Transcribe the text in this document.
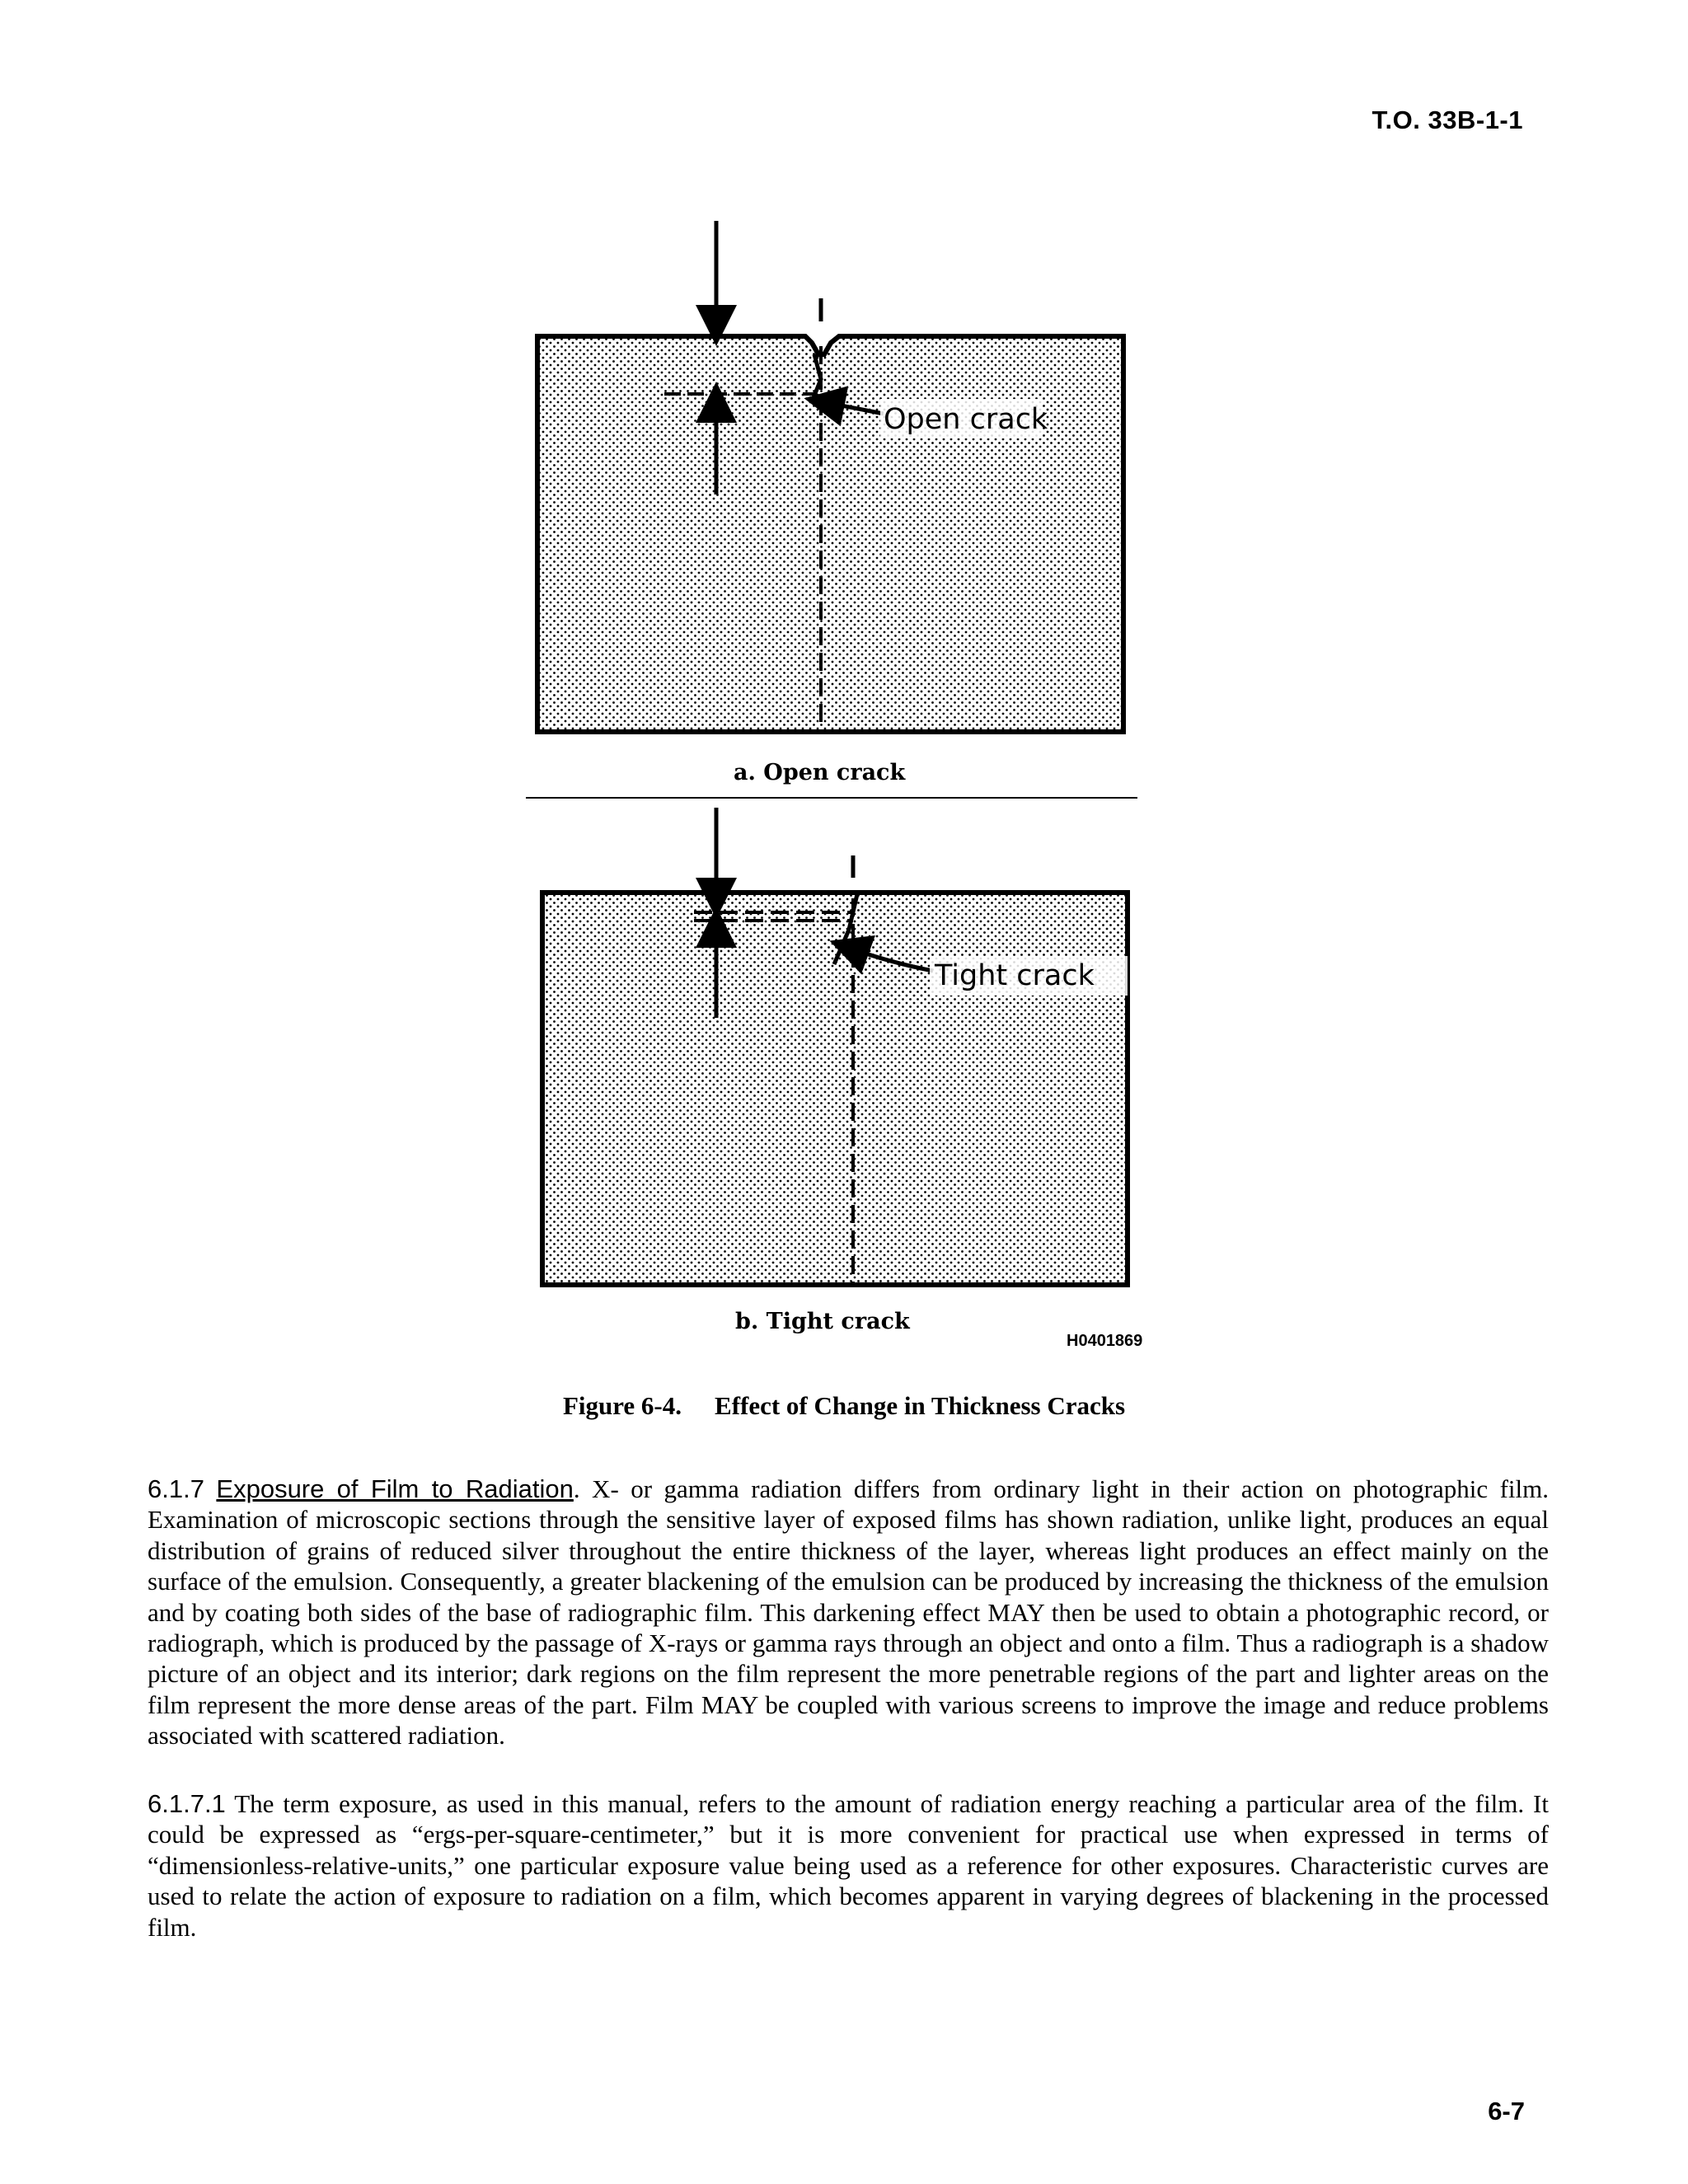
T.O. 33B-1-1
Open crack
Tight crack
a. Open crack
b. Tight crack
H0401869
Figure 6-4. Effect of Change in Thickness Cracks
6.1.7 Exposure of Film to Radiation. X- or gamma radiation differs from ordinary light in their action on photographic film. Examination of microscopic sections through the sensitive layer of exposed films has shown radiation, unlike light, produces an equal distribution of grains of reduced silver throughout the entire thickness of the layer, whereas light produces an effect mainly on the surface of the emulsion. Consequently, a greater blackening of the emulsion can be produced by increasing the thickness of the emulsion and by coating both sides of the base of radiographic film. This darkening effect MAY then be used to obtain a photographic record, or radiograph, which is produced by the passage of X-rays or gamma rays through an object and onto a film. Thus a radiograph is a shadow picture of an object and its interior; dark regions on the film represent the more penetrable regions of the part and lighter areas on the film represent the more dense areas of the part. Film MAY be coupled with various screens to improve the image and reduce problems associated with scattered radiation.
6.1.7.1 The term exposure, as used in this manual, refers to the amount of radiation energy reaching a particular area of the film. It could be expressed as “ergs-per-square-centimeter,” but it is more convenient for practical use when expressed in terms of “dimensionless-relative-units,” one particular exposure value being used as a reference for other exposures. Characteristic curves are used to relate the action of exposure to radiation on a film, which becomes apparent in varying degrees of blackening in the processed film.
6-7
